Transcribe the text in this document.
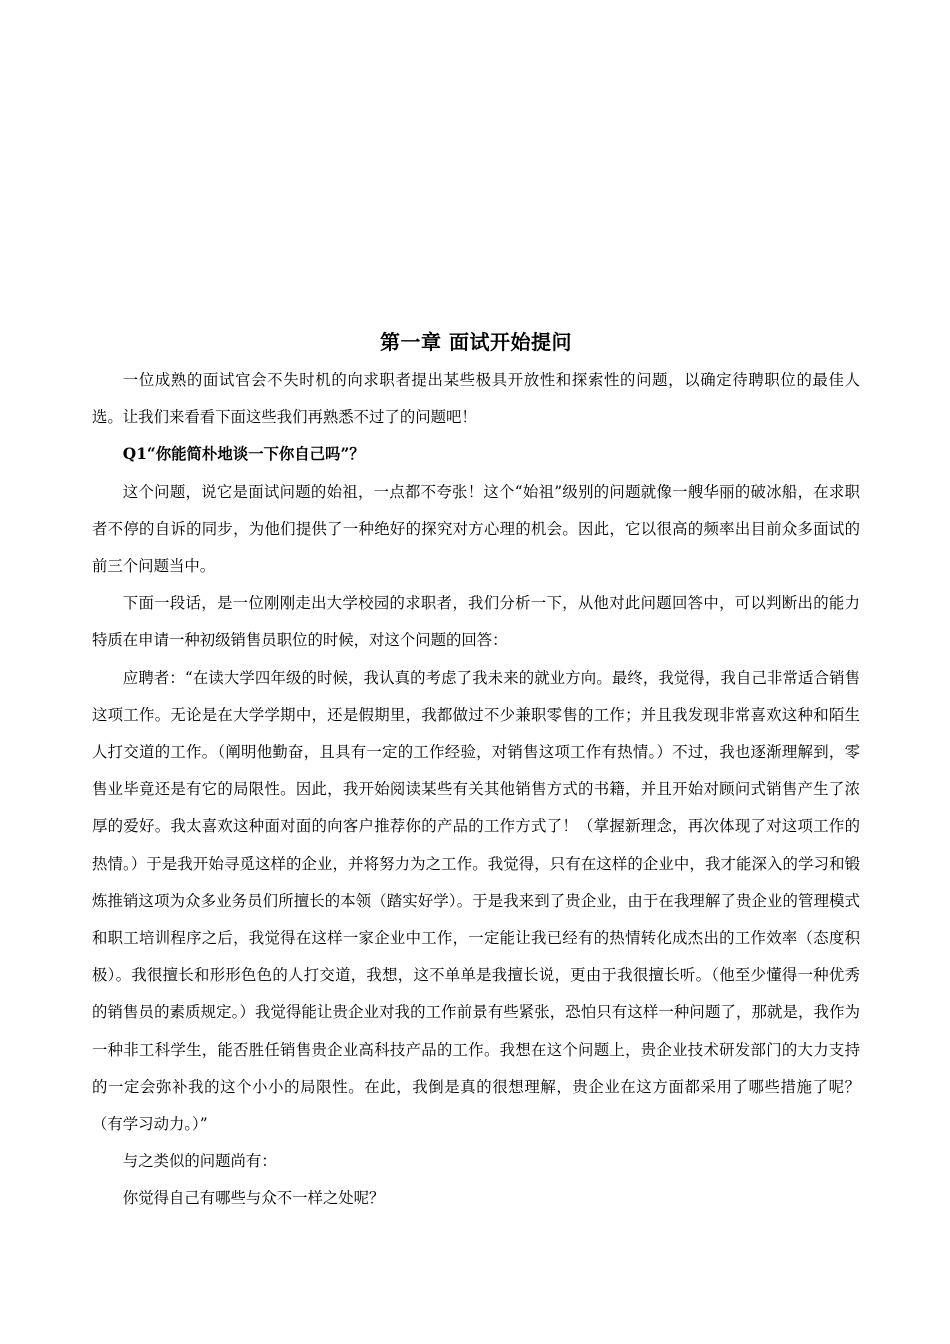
第一章 面试开始提问

一位成熟的面试官会不失时机的向求职者提出某些极具开放性和探索性的问题，以确定待聘职位的最佳人选。让我们来看看下面这些我们再熟悉不过了的问题吧！

Q1“你能简朴地谈一下你自己吗”？

这个问题，说它是面试问题的始祖，一点都不夸张！这个“始祖”级别的问题就像一艘华丽的破冰船，在求职者不停的自诉的同步，为他们提供了一种绝好的探究对方心理的机会。因此，它以很高的频率出目前众多面试的前三个问题当中。

下面一段话，是一位刚刚走出大学校园的求职者，我们分析一下，从他对此问题回答中，可以判断出的能力特质在申请一种初级销售员职位的时候，对这个问题的回答：

应聘者：“在读大学四年级的时候，我认真的考虑了我未来的就业方向。最终，我觉得，我自己非常适合销售这项工作。无论是在大学学期中，还是假期里，我都做过不少兼职零售的工作；并且我发现非常喜欢这种和陌生人打交道的工作。（阐明他勤奋，且具有一定的工作经验，对销售这项工作有热情。）不过，我也逐渐理解到，零售业毕竟还是有它的局限性。因此，我开始阅读某些有关其他销售方式的书籍，并且开始对顾问式销售产生了浓厚的爱好。我太喜欢这种面对面的向客户推荐你的产品的工作方式了！（掌握新理念，再次体现了对这项工作的热情。）于是我开始寻觅这样的企业，并将努力为之工作。我觉得，只有在这样的企业中，我才能深入的学习和锻炼推销这项为众多业务员们所擅长的本领（踏实好学）。于是我来到了贵企业，由于在我理解了贵企业的管理模式和职工培训程序之后，我觉得在这样一家企业中工作，一定能让我已经有的热情转化成杰出的工作效率（态度积极）。我很擅长和形形色色的人打交道，我想，这不单单是我擅长说，更由于我很擅长听。（他至少懂得一种优秀的销售员的素质规定。）我觉得能让贵企业对我的工作前景有些紧张，恐怕只有这样一种问题了，那就是，我作为一种非工科学生，能否胜任销售贵企业高科技产品的工作。我想在这个问题上，贵企业技术研发部门的大力支持的一定会弥补我的这个小小的局限性。在此，我倒是真的很想理解，贵企业在这方面都采用了哪些措施了呢？（有学习动力。）”

与之类似的问题尚有：

你觉得自己有哪些与众不一样之处呢？
